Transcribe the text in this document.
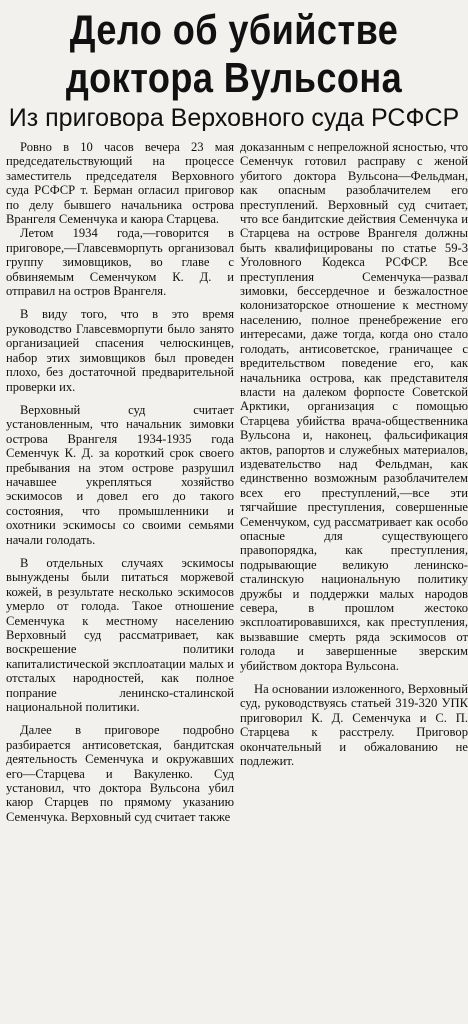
Дело об убийстве
доктора Вульсона
Из приговора Верховного суда РСФСР

Ровно в 10 часов вечера 23 мая председательствующий на процессе заместитель председателя Верховного суда РСФСР т. Берман огласил приговор по делу бывшего начальника острова Врангеля Семенчука и каюра Старцева.

Летом 1934 года,—говорится в приговоре,—Главсевморпуть организовал группу зимовщиков, во главе с обвиняемым Семенчуком К. Д. и отправил на остров Врангеля.

В виду того, что в это время руководство Главсевморпути было занято организацией спасения челюскинцев, набор этих зимовщиков был проведен плохо, без достаточной предварительной проверки их.

Верховный суд считает установленным, что начальник зимовки острова Врангеля 1934-1935 года Семенчук К. Д. за короткий срок своего пребывания на этом острове разрушил начавшее укрепляться хозяйство эскимосов и довел его до такого состояния, что промышленники и охотники эскимосы со своими семьями начали голодать.

В отдельных случаях эскимосы вынуждены были питаться моржевой кожей, в результате несколько эскимосов умерло от голода. Такое отношение Семенчука к местному населению Верховный суд рассматривает, как воскрешение политики капиталистической эксплоатации малых и отсталых народностей, как полное попрание ленинско-сталинской национальной политики.

Далее в приговоре подробно разбирается антисоветская, бандитская деятельность Семенчука и окружавших его—Старцева и Вакуленко. Суд установил, что доктора Вульсона убил каюр Старцев по прямому указанию Семенчука. Верховный суд считает также

доказанным с непреложной ясностью, что Семенчук готовил расправу с женой убитого доктора Вульсона—Фельдман, как опасным разоблачителем его преступлений. Верховный суд считает, что все бандитские действия Семенчука и Старцева на острове Врангеля должны быть квалифицированы по статье 59-3 Уголовного Кодекса РСФСР. Все преступления Семенчука—развал зимовки, бессердечное и безжалостное колонизаторское отношение к местному населению, полное пренебрежение его интересами, даже тогда, когда оно стало голодать, антисоветское, граничащее с вредительством поведение его, как начальника острова, как представителя власти на далеком форпосте Советской Арктики, организация с помощью Старцева убийства врача-общественника Вульсона и, наконец, фальсификация актов, рапортов и служебных материалов, издевательство над Фельдман, как единственно возможным разоблачителем всех его преступлений,—все эти тягчайшие преступления, совершенные Семенчуком, суд рассматривает как особо опасные для существующего правопорядка, как преступления, подрывающие великую ленинско-сталинскую национальную политику дружбы и поддержки малых народов севера, в прошлом жестоко эксплоатировавшихся, как преступления, вызвавшие смерть ряда эскимосов от голода и завершенные зверским убийством доктора Вульсона.

На основании изложенного, Верховный суд, руководствуясь статьей 319-320 УПК приговорил К. Д. Семенчука и С. П. Старцева к расстрелу. Приговор окончательный и обжалованию не подлежит.
